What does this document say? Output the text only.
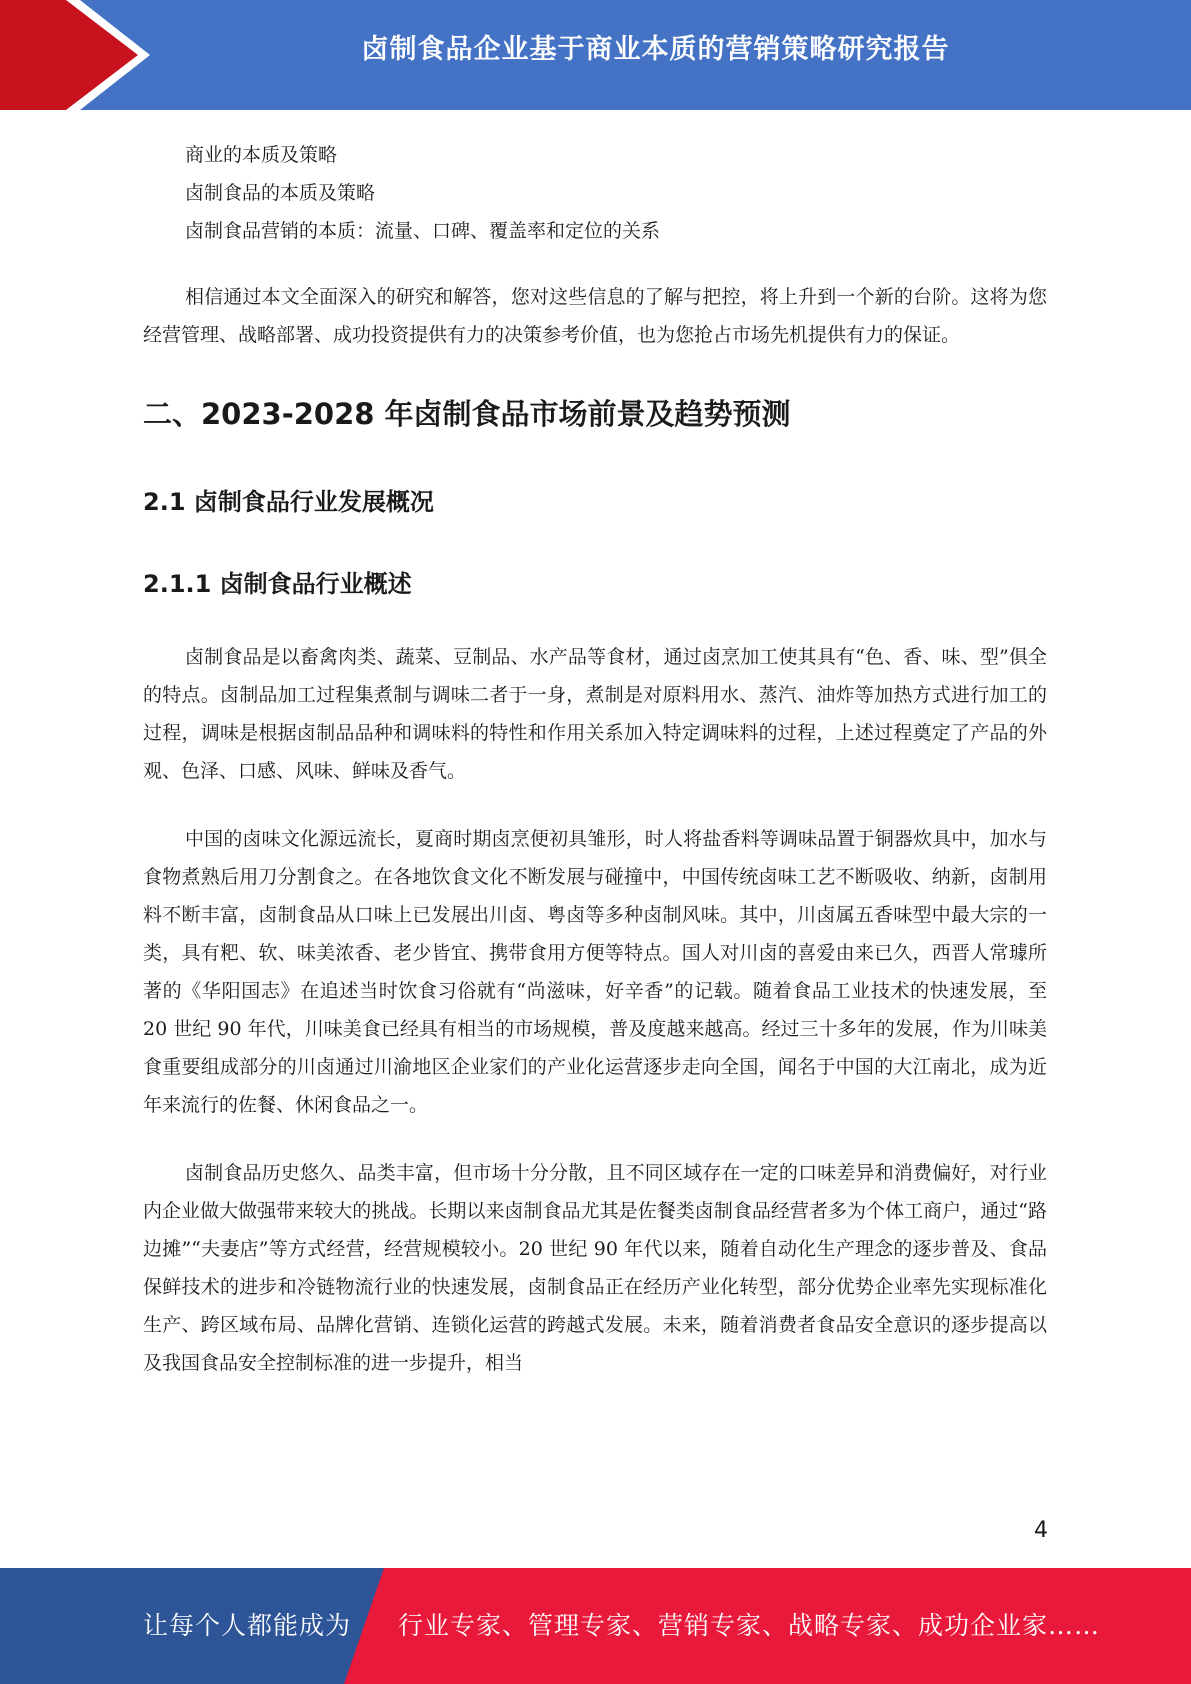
卤制食品企业基于商业本质的营销策略研究报告

商业的本质及策略

卤制食品的本质及策略

卤制食品营销的本质：流量、口碑、覆盖率和定位的关系

相信通过本文全面深入的研究和解答，您对这些信息的了解与把控，将上升到一个新的台阶。这将为您经营管理、战略部署、成功投资提供有力的决策参考价值，也为您抢占市场先机提供有力的保证。

二、2023-2028 年卤制食品市场前景及趋势预测
2.1 卤制食品行业发展概况
2.1.1 卤制食品行业概述

卤制食品是以畜禽肉类、蔬菜、豆制品、水产品等食材，通过卤烹加工使其具有“色、香、味、型”俱全的特点。卤制品加工过程集煮制与调味二者于一身，煮制是对原料用水、蒸汽、油炸等加热方式进行加工的过程，调味是根据卤制品品种和调味料的特性和作用关系加入特定调味料的过程，上述过程奠定了产品的外观、色泽、口感、风味、鲜味及香气。

中国的卤味文化源远流长，夏商时期卤烹便初具雏形，时人将盐香料等调味品置于铜器炊具中，加水与食物煮熟后用刀分割食之。在各地饮食文化不断发展与碰撞中，中国传统卤味工艺不断吸收、纳新，卤制用料不断丰富，卤制食品从口味上已发展出川卤、粤卤等多种卤制风味。其中，川卤属五香味型中最大宗的一类，具有粑、软、味美浓香、老少皆宜、携带食用方便等特点。国人对川卤的喜爱由来已久，西晋人常璩所著的《华阳国志》在追述当时饮食习俗就有“尚滋味，好辛香”的记载。随着食品工业技术的快速发展，至 20 世纪 90 年代，川味美食已经具有相当的市场规模，普及度越来越高。经过三十多年的发展，作为川味美食重要组成部分的川卤通过川渝地区企业家们的产业化运营逐步走向全国，闻名于中国的大江南北，成为近年来流行的佐餐、休闲食品之一。

卤制食品历史悠久、品类丰富，但市场十分分散，且不同区域存在一定的口味差异和消费偏好，对行业内企业做大做强带来较大的挑战。长期以来卤制食品尤其是佐餐类卤制食品经营者多为个体工商户，通过“路边摊”“夫妻店”等方式经营，经营规模较小。20 世纪 90 年代以来，随着自动化生产理念的逐步普及、食品保鲜技术的进步和冷链物流行业的快速发展，卤制食品正在经历产业化转型，部分优势企业率先实现标准化生产、跨区域布局、品牌化营销、连锁化运营的跨越式发展。未来，随着消费者食品安全意识的逐步提高以及我国食品安全控制标准的进一步提升，相当

4
让每个人都能成为 行业专家、管理专家、营销专家、战略专家、成功企业家……
